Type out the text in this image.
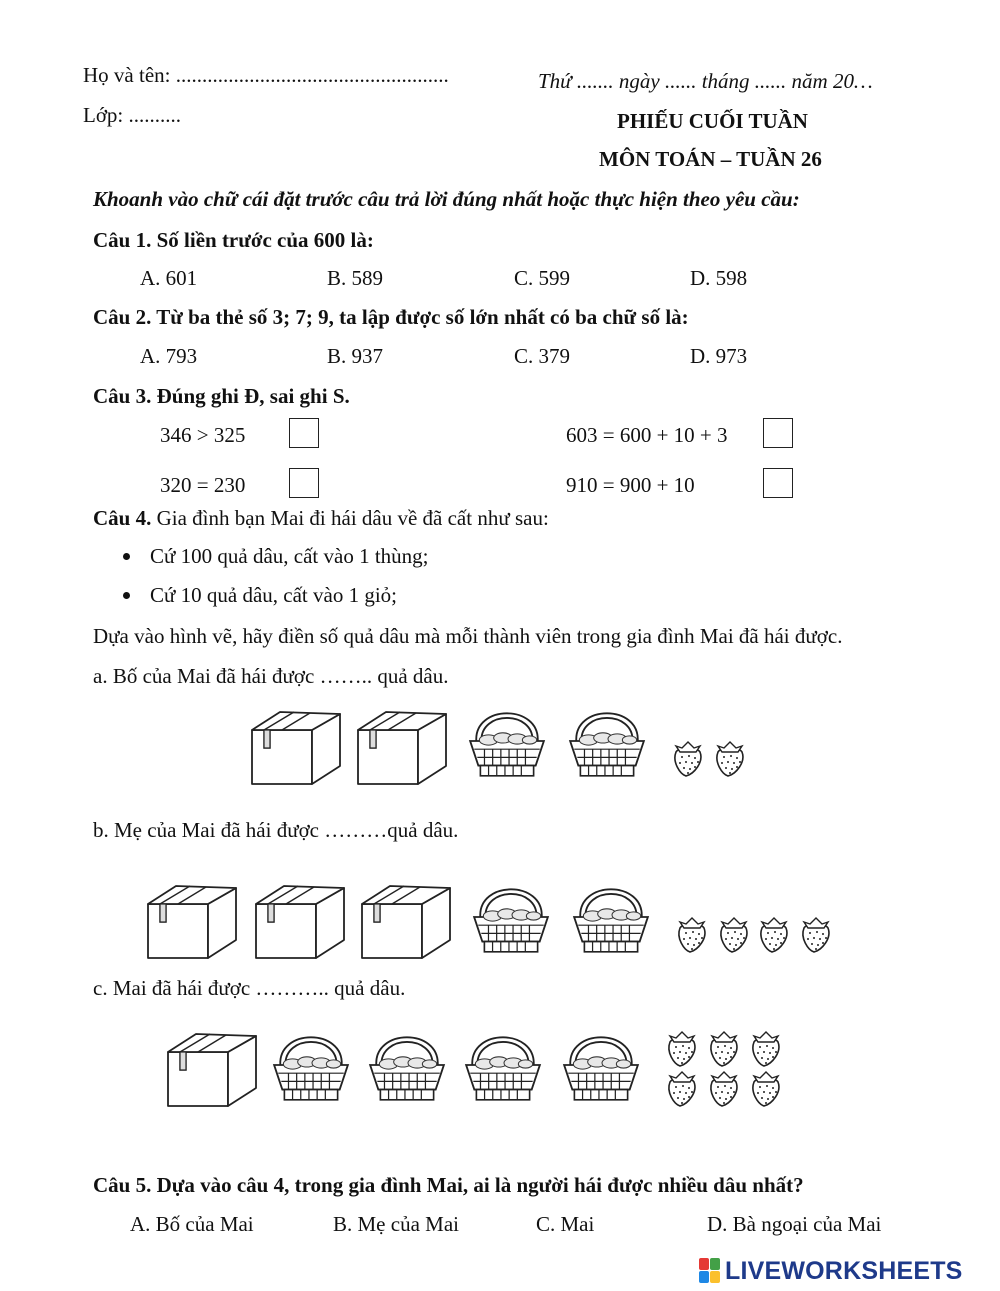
Họ và tên: ....................................................	Thứ ....... ngày ...... tháng ...... năm 20…
Lớp: ..........	PHIẾU CUỐI TUẦN
MÔN TOÁN – TUẦN 26
Khoanh vào chữ cái đặt trước câu trả lời đúng nhất hoặc thực hiện theo yêu cầu:
Câu 1. Số liền trước của 600 là:
A. 601	B. 589	C. 599	D. 598
Câu 2. Từ ba thẻ số 3; 7; 9, ta lập được số lớn nhất có ba chữ số là:
A. 793	B. 937	C. 379	D. 973
Câu 3. Đúng ghi Đ, sai ghi S.
346 > 325	603 = 600 + 10 + 3
320 = 230	910 = 900 + 10
Câu 4. Gia đình bạn Mai đi hái dâu về đã cất như sau:
Cứ 100 quả dâu, cất vào 1 thùng;
Cứ 10 quả dâu, cất vào 1 giỏ;
Dựa vào hình vẽ, hãy điền số quả dâu mà mỗi thành viên trong gia đình Mai đã hái được.
a. Bố của Mai đã hái được …….. quả dâu.
b. Mẹ của Mai đã hái được ………quả dâu.
c. Mai đã hái được ……….. quả dâu.
Câu 5. Dựa vào câu 4, trong gia đình Mai, ai là người hái được nhiều dâu nhất?
A. Bố của Mai	B. Mẹ của Mai	C. Mai	D. Bà ngoại của Mai
LIVEWORKSHEETS
